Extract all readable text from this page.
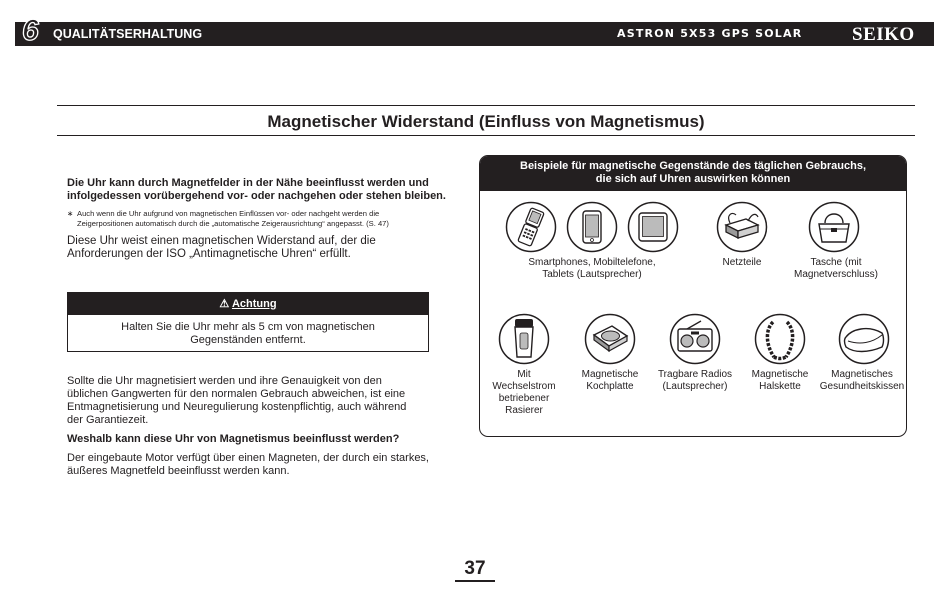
6 QUALITÄTSERHALTUNG	ASTRON 5X53 GPS SOLAR	SEIKO
Magnetischer Widerstand (Einfluss von Magnetismus)
Die Uhr kann durch Magnetfelder in der Nähe beeinflusst werden und
infolgedessen vorübergehend vor- oder nachgehen oder stehen bleiben.
∗ Auch wenn die Uhr aufgrund von magnetischen Einflüssen vor- oder nachgeht werden die
Zeigerpositionen automatisch durch die „automatische Zeigerausrichtung“ angepasst. (S. 47)
Diese Uhr weist einen magnetischen Widerstand auf, der die
Anforderungen der ISO „Antimagnetische Uhren“ erfüllt.
⚠ Achtung
Halten Sie die Uhr mehr als 5 cm von magnetischen
Gegenständen entfernt.
Sollte die Uhr magnetisiert werden und ihre Genauigkeit von den
üblichen Gangwerten für den normalen Gebrauch abweichen, ist eine
Entmagnetisierung und Neuregulierung kostenpflichtig, auch während
der Garantiezeit.
Weshalb kann diese Uhr von Magnetismus beeinflusst werden?
Der eingebaute Motor verfügt über einen Magneten, der durch ein starkes,
äußeres Magnetfeld beeinflusst werden kann.
Beispiele für magnetische Gegenstände des täglichen Gebrauchs,
die sich auf Uhren auswirken können
Smartphones, Mobiltelefone,
Tablets (Lautsprecher)
Netzteile	Tasche (mit
Magnetverschluss)
Mit
Wechselstrom
betriebener
Rasierer
Magnetische
Kochplatte
Tragbare Radios
(Lautsprecher)
Magnetische
Halskette
Magnetisches
Gesundheitskissen
37
